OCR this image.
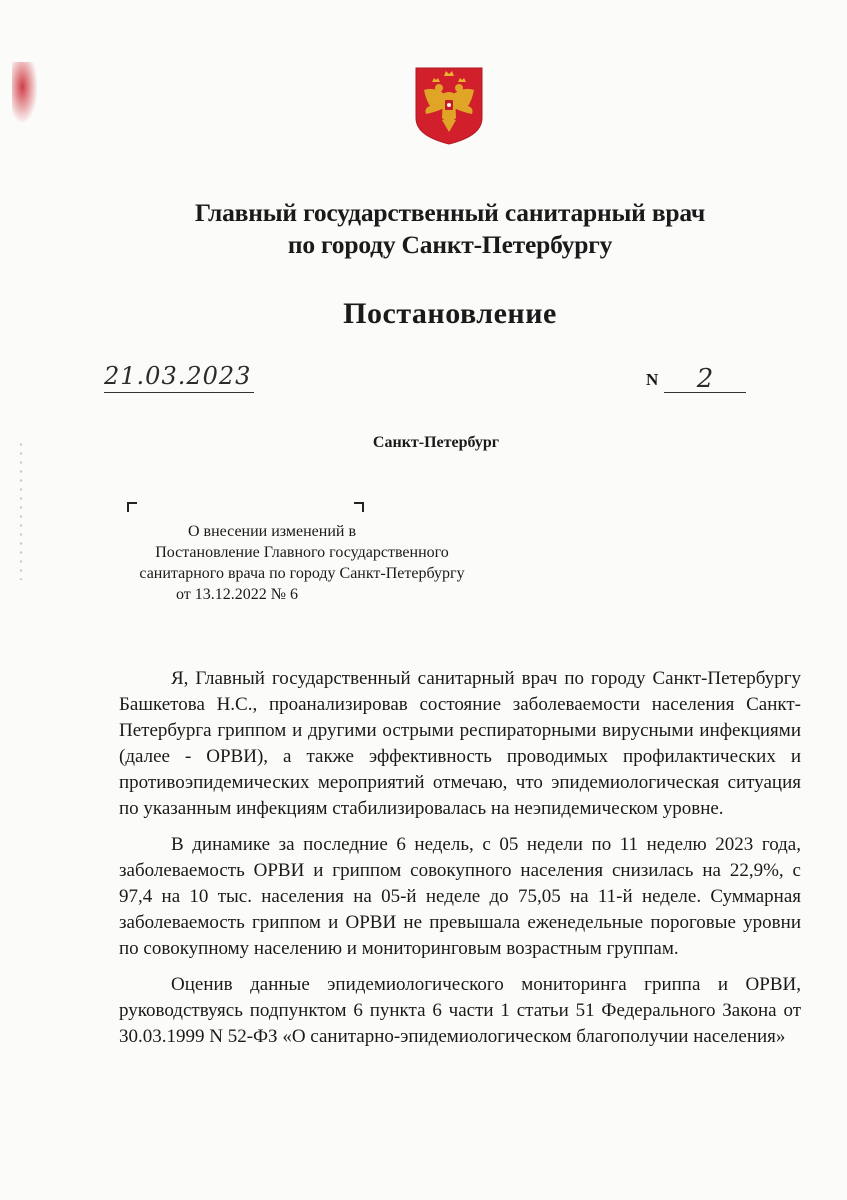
Главный государственный санитарный врач
по городу Санкт-Петербургу
Постановление
21.03.2023	N	2
Санкт-Петербург
О внесении изменений в
Постановление Главного государственного
санитарного врача по городу Санкт-Петербургу
от 13.12.2022 № 6

Я, Главный государственный санитарный врач по городу Санкт-Петербургу Башкетова Н.С., проанализировав состояние заболеваемости населения Санкт-Петербурга гриппом и другими острыми респираторными вирусными инфекциями (далее - ОРВИ), а также эффективность проводимых профилактических и противоэпидемических мероприятий отмечаю, что эпидемиологическая ситуация по указанным инфекциям стабилизировалась на неэпидемическом уровне.

В динамике за последние 6 недель, с 05 недели по 11 неделю 2023 года, заболеваемость ОРВИ и гриппом совокупного населения снизилась на 22,9%, с 97,4 на 10 тыс. населения на 05-й неделе до 75,05 на 11-й неделе. Суммарная заболеваемость гриппом и ОРВИ не превышала еженедельные пороговые уровни по совокупному населению и мониторинговым возрастным группам.

Оценив данные эпидемиологического мониторинга гриппа и ОРВИ, руководствуясь подпунктом 6 пункта 6 части 1 статьи 51 Федерального Закона от 30.03.1999 N 52-ФЗ «О санитарно-эпидемиологическом благополучии населения»
